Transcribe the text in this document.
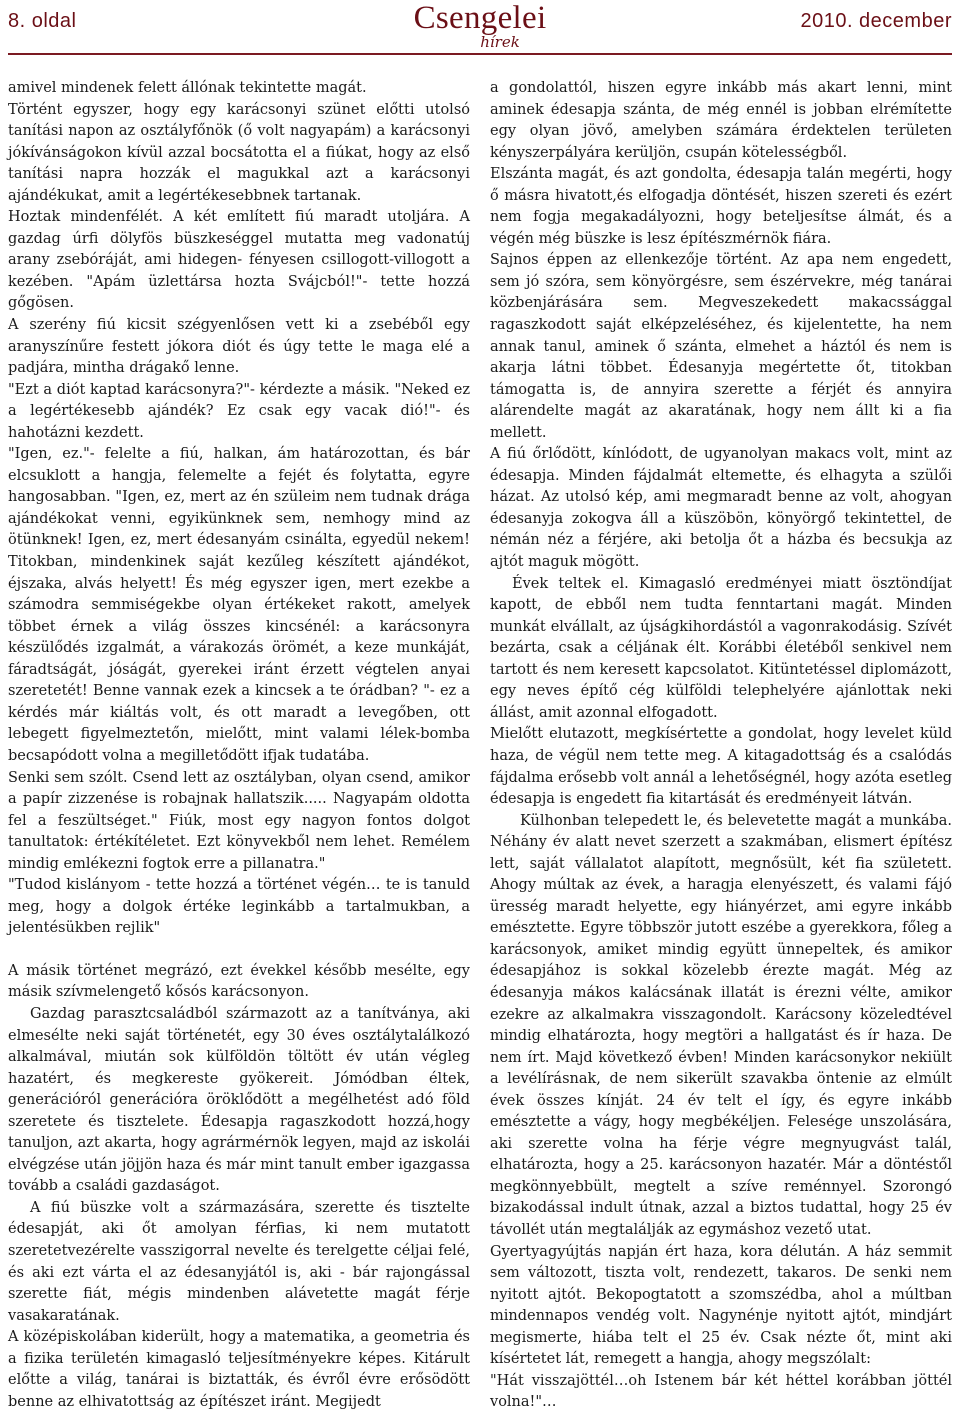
8. oldal	Csengelei
hírek
2010. december

amivel mindenek felett állónak tekintette magát.

Történt egyszer, hogy egy karácsonyi szünet előtti utolsó tanítási napon az osztályfőnök (ő volt nagyapám) a karácsonyi jókívánságokon kívül azzal bocsátotta el a fiúkat, hogy az első tanítási napra hozzák el magukkal azt a karácsonyi ajándékukat, amit a legértékesebbnek tartanak.

Hoztak mindenfélét. A két említett fiú maradt utoljára. A gazdag úrfi dölyfös büszkeséggel mutatta meg vadonatúj arany zsebóráját, ami hidegen- fényesen csillogott-villogott a kezében. "Apám üzlettársa hozta Svájcból!"- tette hozzá gőgösen.

A szerény fiú kicsit szégyenlősen vett ki a zsebéből egy aranyszínűre festett jókora diót és úgy tette le maga elé a padjára, mintha drágakő lenne.

"Ezt a diót kaptad karácsonyra?"- kérdezte a másik. "Neked ez a legértékesebb ajándék? Ez csak egy vacak dió!"- és hahotázni kezdett.

"Igen, ez."- felelte a fiú, halkan, ám határozottan, és bár elcsuklott a hangja, felemelte a fejét és folytatta, egyre hangosabban. "Igen, ez, mert az én szüleim nem tudnak drága ajándékokat venni, egyikünknek sem, nemhogy mind az ötünknek! Igen, ez, mert édesanyám csinálta, egyedül nekem! Titokban, mindenkinek saját kezűleg készített ajándékot, éjszaka, alvás helyett! És még egyszer igen, mert ezekbe a számodra semmiségekbe olyan értékeket rakott, amelyek többet érnek a világ összes kincsénél: a karácsonyra készülődés izgalmát, a várakozás örömét, a keze munkáját, fáradtságát, jóságát, gyerekei iránt érzett végtelen anyai szeretetét! Benne vannak ezek a kincsek a te órádban? "- ez a kérdés már kiáltás volt, és ott maradt a levegőben, ott lebegett figyelmeztetőn, mielőtt, mint valami lélek-bomba becsapódott volna a megilletődött ifjak tudatába.

Senki sem szólt. Csend lett az osztályban, olyan csend, amikor a papír zizzenése is robajnak hallatszik..... Nagyapám oldotta fel a feszültséget." Fiúk, most egy nagyon fontos dolgot tanultatok: értékítéletet. Ezt könyvekből nem lehet. Remélem mindig emlékezni fogtok erre a pillanatra."

"Tudod kislányom - tette hozzá a történet végén… te is tanuld meg, hogy a dolgok értéke leginkább a tartalmukban, a jelentésükben rejlik"

A másik történet megrázó, ezt évekkel később mesélte, egy másik szívmelengető kősós karácsonyon.

Gazdag parasztcsaládból származott az a tanítványa, aki elmesélte neki saját történetét, egy 30 éves osztálytalálkozó alkalmával, miután sok külföldön töltött év után végleg hazatért, és megkereste gyökereit. Jómódban éltek, generációról generációra öröklődött a megélhetést adó föld szeretete és tisztelete. Édesapja ragaszkodott hozzá,hogy tanuljon, azt akarta, hogy agrármérnök legyen, majd az iskolái elvégzése után jöjjön haza és már mint tanult ember igazgassa tovább a családi gazdaságot.

A fiú büszke volt a származására, szerette és tisztelte édesapját, aki őt amolyan férfias, ki nem mutatott szeretetvezérelte vasszigorral nevelte és terelgette céljai felé, és aki ezt várta el az édesanyjától is, aki - bár rajongással szerette fiát, mégis mindenben alávetette magát férje vasakaratának.

A középiskolában kiderült, hogy a matematika, a geometria és a fizika területén kimagasló teljesítményekre képes. Kitárult előtte a világ, tanárai is biztatták, és évről évre erősödött benne az elhivatottság az építészet iránt. Megijedt

a gondolattól, hiszen egyre inkább más akart lenni, mint aminek édesapja szánta, de még ennél is jobban elrémítette egy olyan jövő, amelyben számára érdektelen területen kényszerpályára kerüljön, csupán kötelességből.

Elszánta magát, és azt gondolta, édesapja talán megérti, hogy ő másra hivatott,és elfogadja döntését, hiszen szereti és ezért nem fogja megakadályozni, hogy beteljesítse álmát, és a végén még büszke is lesz építészmérnök fiára.

Sajnos éppen az ellenkezője történt. Az apa nem engedett, sem jó szóra, sem könyörgésre, sem észérvekre, még tanárai közbenjárására sem. Megveszekedett makacssággal ragaszkodott saját elképzeléséhez, és kijelentette, ha nem annak tanul, aminek ő szánta, elmehet a háztól és nem is akarja látni többet. Édesanyja megértette őt, titokban támogatta is, de annyira szerette a férjét és annyira alárendelte magát az akaratának, hogy nem állt ki a fia mellett.

A fiú őrlődött, kínlódott, de ugyanolyan makacs volt, mint az édesapja. Minden fájdalmát eltemette, és elhagyta a szülői házat. Az utolsó kép, ami megmaradt benne az volt, ahogyan édesanyja zokogva áll a küszöbön, könyörgő tekintettel, de némán néz a férjére, aki betolja őt a házba és becsukja az ajtót maguk mögött.

Évek teltek el. Kimagasló eredményei miatt ösztöndíjat kapott, de ebből nem tudta fenntartani magát. Minden munkát elvállalt, az újságkihordástól a vagonrakodásig. Szívét bezárta, csak a céljának élt. Korábbi életéből senkivel nem tartott és nem keresett kapcsolatot. Kitüntetéssel diplomázott, egy neves építő cég külföldi telephelyére ajánlottak neki állást, amit azonnal elfogadott.

Mielőtt elutazott, megkísértette a gondolat, hogy levelet küld haza, de végül nem tette meg. A kitagadottság és a csalódás fájdalma erősebb volt annál a lehetőségnél, hogy azóta esetleg édesapja is engedett fia kitartását és eredményeit látván.

Külhonban telepedett le, és belevetette magát a munkába. Néhány év alatt nevet szerzett a szakmában, elismert építész lett, saját vállalatot alapított, megnősült, két fia született. Ahogy múltak az évek, a haragja elenyészett, és valami fájó üresség maradt helyette, egy hiányérzet, ami egyre inkább emésztette. Egyre többször jutott eszébe a gyerekkora, főleg a karácsonyok, amiket mindig együtt ünnepeltek, és amikor édesapjához is sokkal közelebb érezte magát. Még az édesanyja mákos kalácsának illatát is érezni vélte, amikor ezekre az alkalmakra visszagondolt. Karácsony közeledtével mindig elhatározta, hogy megtöri a hallgatást és ír haza. De nem írt. Majd következő évben! Minden karácsonykor nekiült a levélírásnak, de nem sikerült szavakba öntenie az elmúlt évek összes kínját. 24 év telt el így, és egyre inkább emésztette a vágy, hogy megbékéljen. Felesége unszolására, aki szerette volna ha férje végre megnyugvást talál, elhatározta, hogy a 25. karácsonyon hazatér. Már a döntéstől megkönnyebbült, megtelt a szíve reménnyel. Szorongó bizakodással indult útnak, azzal a biztos tudattal, hogy 25 év távollét után megtalálják az egymáshoz vezető utat.

Gyertyagyújtás napján ért haza, kora délután. A ház semmit sem változott, tiszta volt, rendezett, takaros. De senki nem nyitott ajtót. Bekopogtatott a szomszédba, ahol a múltban mindennapos vendég volt. Nagynénje nyitott ajtót, mindjárt megismerte, hiába telt el 25 év. Csak nézte őt, mint aki kísértetet lát, remegett a hangja, ahogy megszólalt:

"Hát visszajöttél…oh Istenem bár két héttel korábban jöttél volna!"…
